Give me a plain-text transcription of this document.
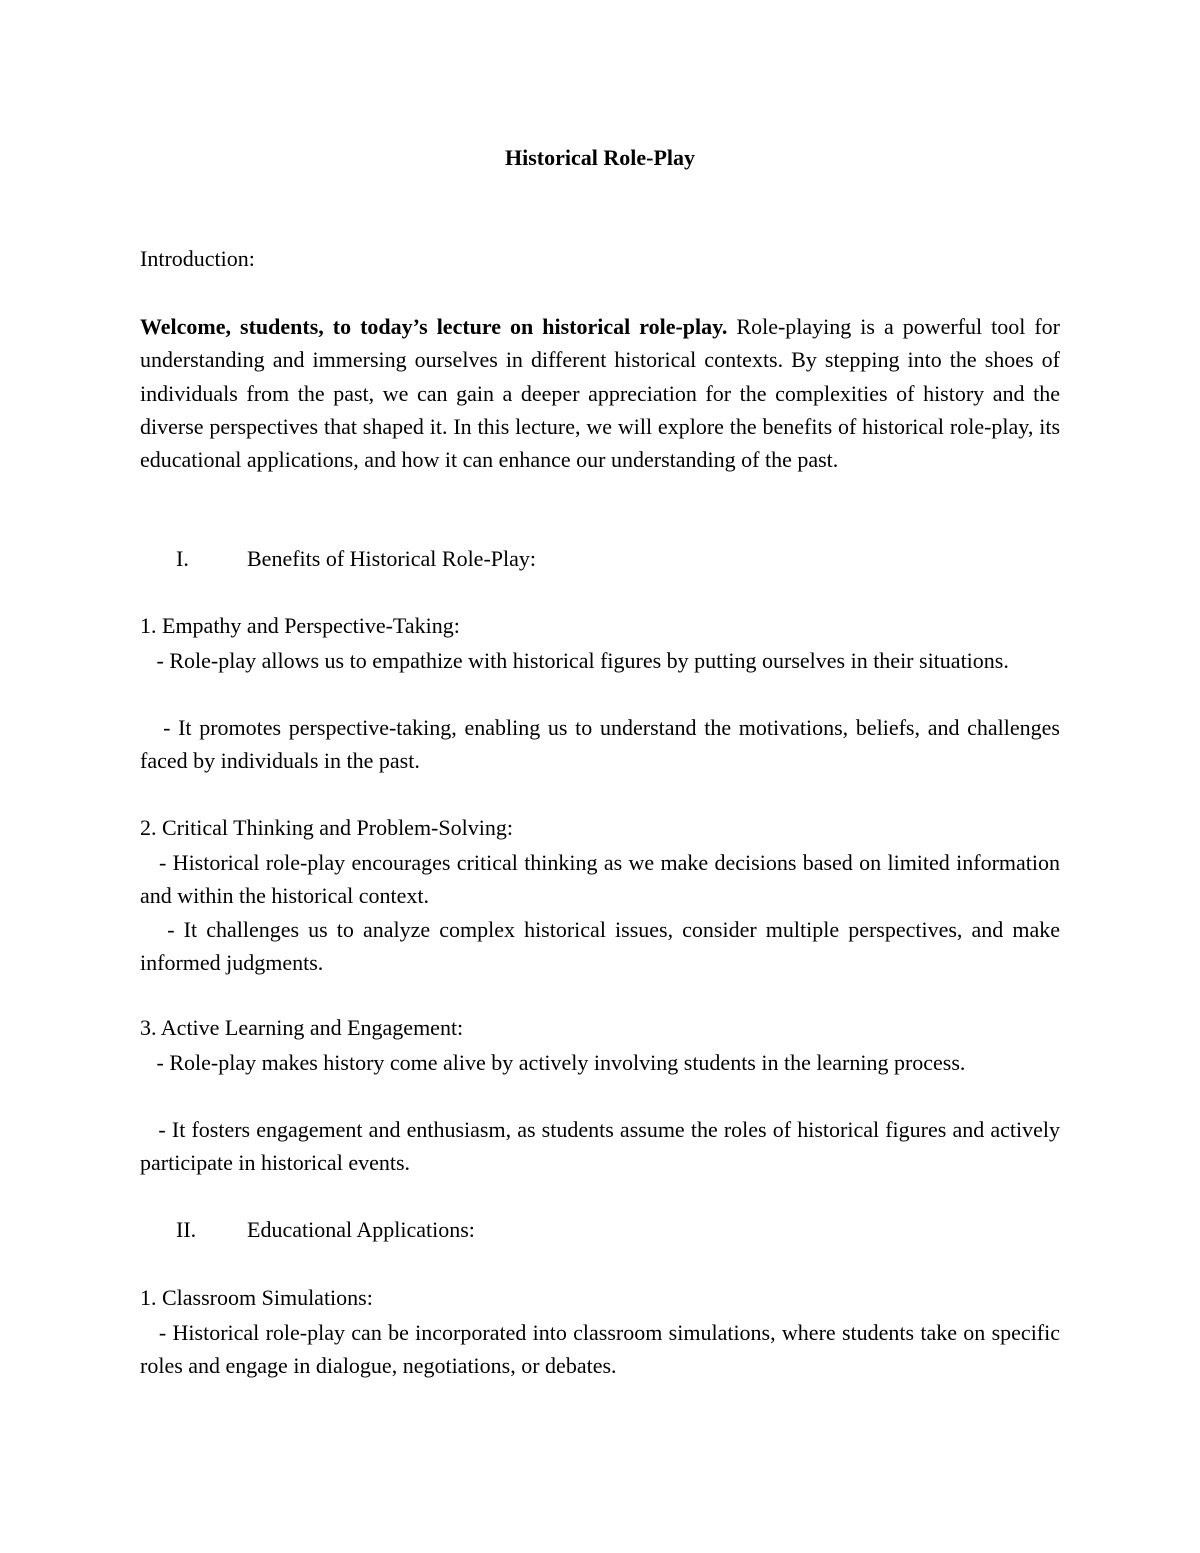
Historical Role-Play
Introduction:
Welcome, students, to today’s lecture on historical role-play. Role-playing is a powerful tool for understanding and immersing ourselves in different historical contexts. By stepping into the shoes of individuals from the past, we can gain a deeper appreciation for the complexities of history and the diverse perspectives that shaped it. In this lecture, we will explore the benefits of historical role-play, its educational applications, and how it can enhance our understanding of the past.
I.	Benefits of Historical Role-Play:
1. Empathy and Perspective-Taking:
- Role-play allows us to empathize with historical figures by putting ourselves in their situations.
- It promotes perspective-taking, enabling us to understand the motivations, beliefs, and challenges faced by individuals in the past.
2. Critical Thinking and Problem-Solving:
- Historical role-play encourages critical thinking as we make decisions based on limited information and within the historical context.
- It challenges us to analyze complex historical issues, consider multiple perspectives, and make informed judgments.
3. Active Learning and Engagement:
- Role-play makes history come alive by actively involving students in the learning process.
- It fosters engagement and enthusiasm, as students assume the roles of historical figures and actively participate in historical events.
II. Educational Applications:
1. Classroom Simulations:
- Historical role-play can be incorporated into classroom simulations, where students take on specific roles and engage in dialogue, negotiations, or debates.
